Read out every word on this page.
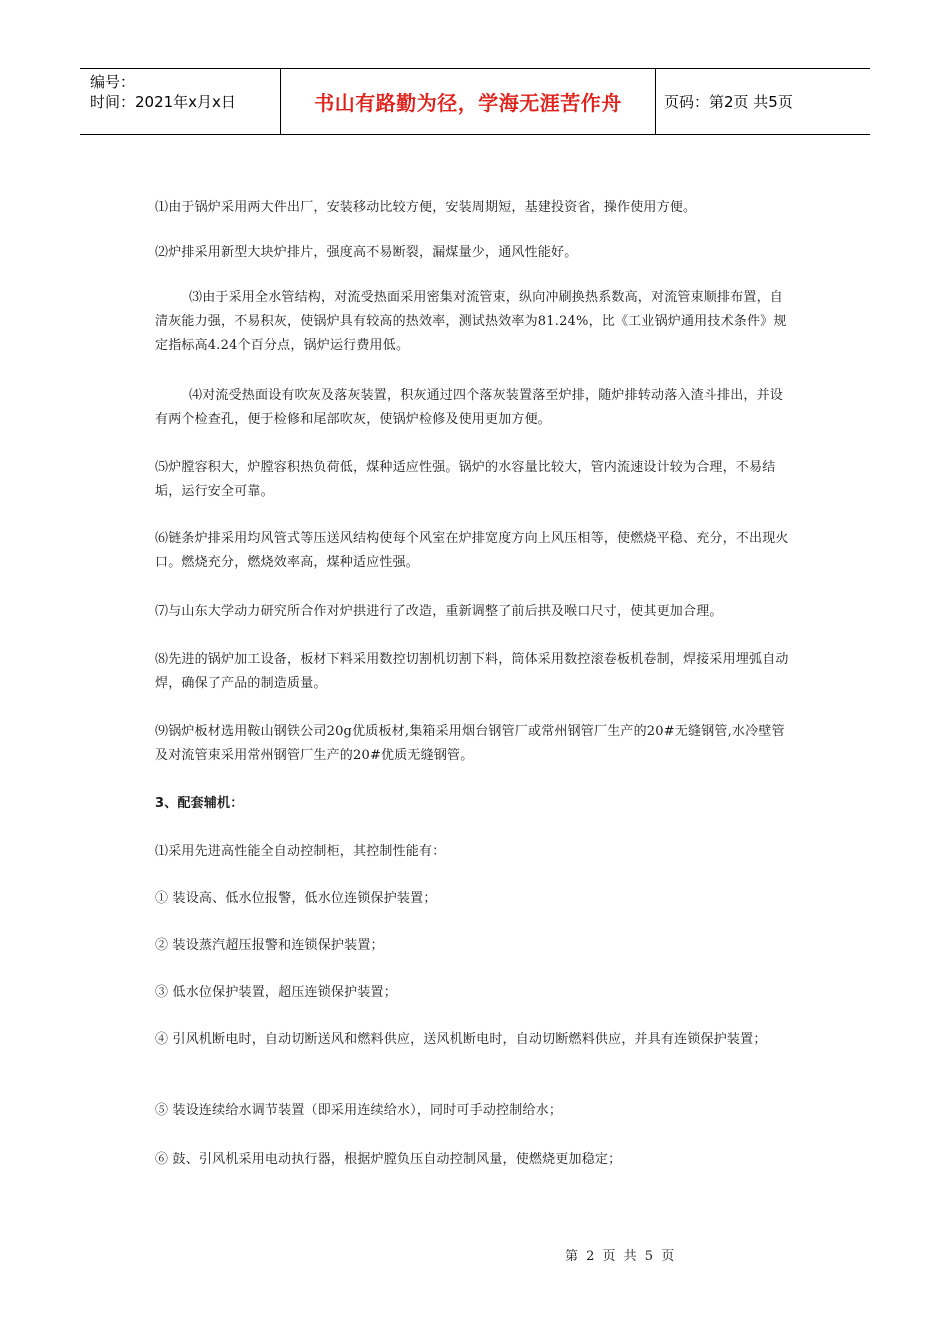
编号：
时间：2021年x月x日	书山有路勤为径，学海无涯苦作舟	页码：第2页 共5页

⑴由于锅炉采用两大件出厂，安装移动比较方便，安装周期短，基建投资省，操作使用方便。

⑵炉排采用新型大块炉排片，强度高不易断裂，漏煤量少，通风性能好。

⑶由于采用全水管结构，对流受热面采用密集对流管束，纵向冲刷换热系数高，对流管束顺排布置，自清灰能力强，不易积灰，使锅炉具有较高的热效率，测试热效率为81.24%，比《工业锅炉通用技术条件》规定指标高4.24个百分点，锅炉运行费用低。

⑷对流受热面设有吹灰及落灰装置，积灰通过四个落灰装置落至炉排，随炉排转动落入渣斗排出，并设有两个检查孔，便于检修和尾部吹灰，使锅炉检修及使用更加方便。

⑸炉膛容积大，炉膛容积热负荷低，煤种适应性强。锅炉的水容量比较大，管内流速设计较为合理，不易结垢，运行安全可靠。

⑹链条炉排采用均风管式等压送风结构使每个风室在炉排宽度方向上风压相等，使燃烧平稳、充分，不出现火口。燃烧充分，燃烧效率高，煤种适应性强。

⑺与山东大学动力研究所合作对炉拱进行了改造，重新调整了前后拱及喉口尺寸，使其更加合理。

⑻先进的锅炉加工设备，板材下料采用数控切割机切割下料，筒体采用数控滚卷板机卷制，焊接采用埋弧自动焊，确保了产品的制造质量。

⑼锅炉板材选用鞍山钢铁公司20g优质板材,集箱采用烟台钢管厂或常州钢管厂生产的20#无缝钢管,水冷壁管及对流管束采用常州钢管厂生产的20#优质无缝钢管。

3、配套辅机：

⑴采用先进高性能全自动控制柜，其控制性能有：

① 装设高、低水位报警，低水位连锁保护装置；

② 装设蒸汽超压报警和连锁保护装置；

③ 低水位保护装置，超压连锁保护装置；

④ 引风机断电时，自动切断送风和燃料供应，送风机断电时，自动切断燃料供应，并具有连锁保护装置；

⑤ 装设连续给水调节装置（即采用连续给水），同时可手动控制给水；

⑥ 鼓、引风机采用电动执行器，根据炉膛负压自动控制风量，使燃烧更加稳定；

第 2 页 共 5 页
